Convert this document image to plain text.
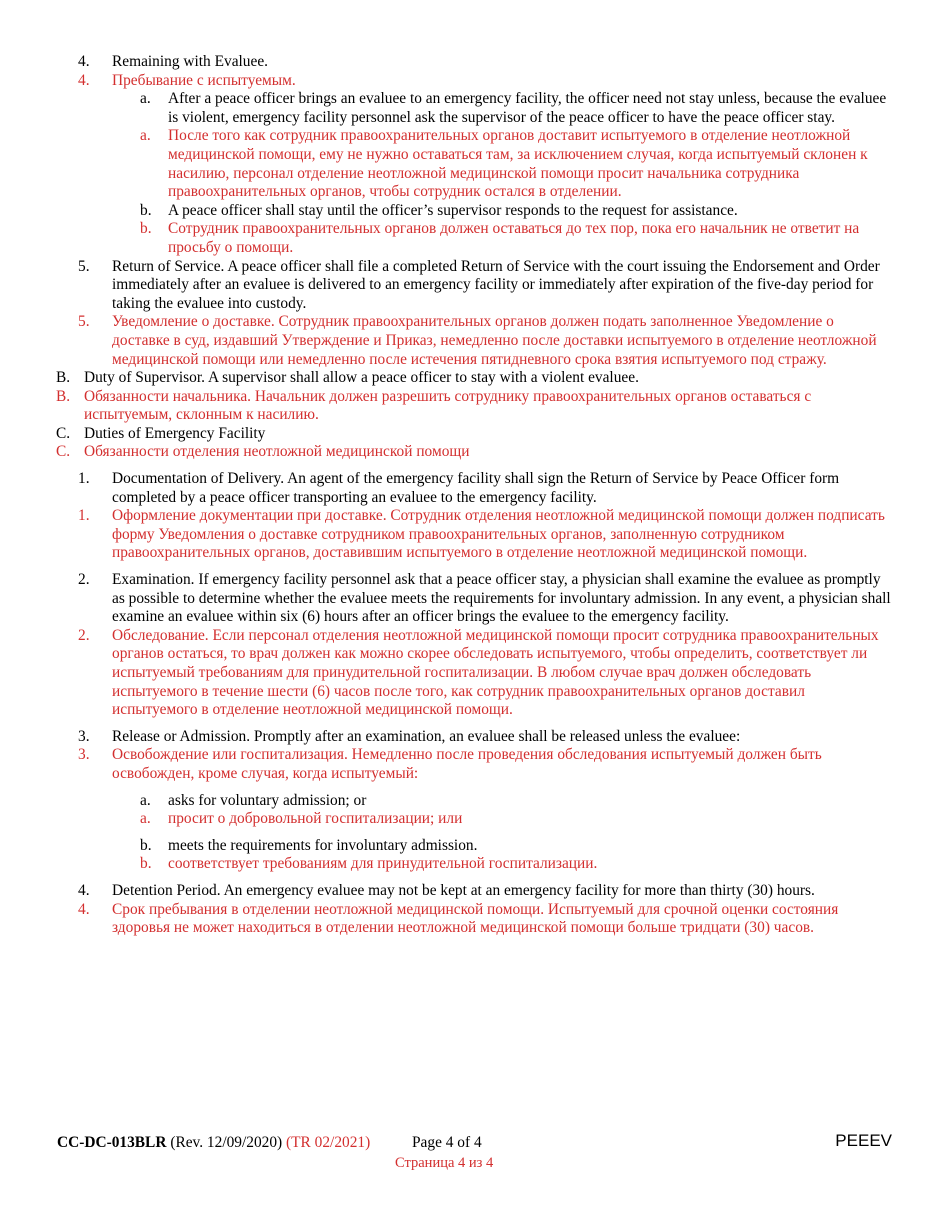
4. Remaining with Evaluee.
4. Пребывание с испытуемым.
a. After a peace officer brings an evaluee to an emergency facility, the officer need not stay unless, because the evaluee is violent, emergency facility personnel ask the supervisor of the peace officer to have the peace officer stay.
a. После того как сотрудник правоохранительных органов доставит испытуемого в отделение неотложной медицинской помощи, ему не нужно оставаться там, за исключением случая, когда испытуемый склонен к насилию, персонал отделение неотложной медицинской помощи просит начальника сотрудника правоохранительных органов, чтобы сотрудник остался в отделении.
b. A peace officer shall stay until the officer’s supervisor responds to the request for assistance.
b. Сотрудник правоохранительных органов должен оставаться до тех пор, пока его начальник не ответит на просьбу о помощи.
5. Return of Service. A peace officer shall file a completed Return of Service with the court issuing the Endorsement and Order immediately after an evaluee is delivered to an emergency facility or immediately after expiration of the five-day period for taking the evaluee into custody.
5. Уведомление о доставке. Сотрудник правоохранительных органов должен подать заполненное Уведомление о доставке в суд, издавший Утверждение и Приказ, немедленно после доставки испытуемого в отделение неотложной медицинской помощи или немедленно после истечения пятидневного срока взятия испытуемого под стражу.
B. Duty of Supervisor. A supervisor shall allow a peace officer to stay with a violent evaluee.
B. Обязанности начальника. Начальник должен разрешить сотруднику правоохранительных органов оставаться с испытуемым, склонным к насилию.
C. Duties of Emergency Facility
C. Обязанности отделения неотложной медицинской помощи
1. Documentation of Delivery. An agent of the emergency facility shall sign the Return of Service by Peace Officer form completed by a peace officer transporting an evaluee to the emergency facility.
1. Оформление документации при доставке. Сотрудник отделения неотложной медицинской помощи должен подписать форму Уведомления о доставке сотрудником правоохранительных органов, заполненную сотрудником правоохранительных органов, доставившим испытуемого в отделение неотложной медицинской помощи.
2. Examination. If emergency facility personnel ask that a peace officer stay, a physician shall examine the evaluee as promptly as possible to determine whether the evaluee meets the requirements for involuntary admission. In any event, a physician shall examine an evaluee within six (6) hours after an officer brings the evaluee to the emergency facility.
2. Обследование. Если персонал отделения неотложной медицинской помощи просит сотрудника правоохранительных органов остаться, то врач должен как можно скорее обследовать испытуемого, чтобы определить, соответствует ли испытуемый требованиям для принудительной госпитализации. В любом случае врач должен обследовать испытуемого в течение шести (6) часов после того, как сотрудник правоохранительных органов доставил испытуемого в отделение неотложной медицинской помощи.
3. Release or Admission. Promptly after an examination, an evaluee shall be released unless the evaluee:
3. Освобождение или госпитализация. Немедленно после проведения обследования испытуемый должен быть освобожден, кроме случая, когда испытуемый:
a. asks for voluntary admission; or
a. просит о добровольной госпитализации; или
b. meets the requirements for involuntary admission.
b. соответствует требованиям для принудительной госпитализации.
4. Detention Period. An emergency evaluee may not be kept at an emergency facility for more than thirty (30) hours.
4. Срок пребывания в отделении неотложной медицинской помощи. Испытуемый для срочной оценки состояния здоровья не может находиться в отделении неотложной медицинской помощи больше тридцати (30) часов.
CC-DC-013BLR (Rev. 12/09/2020) (TR 02/2021)	Page 4 of 4
Страница 4 из 4
PEEEV
